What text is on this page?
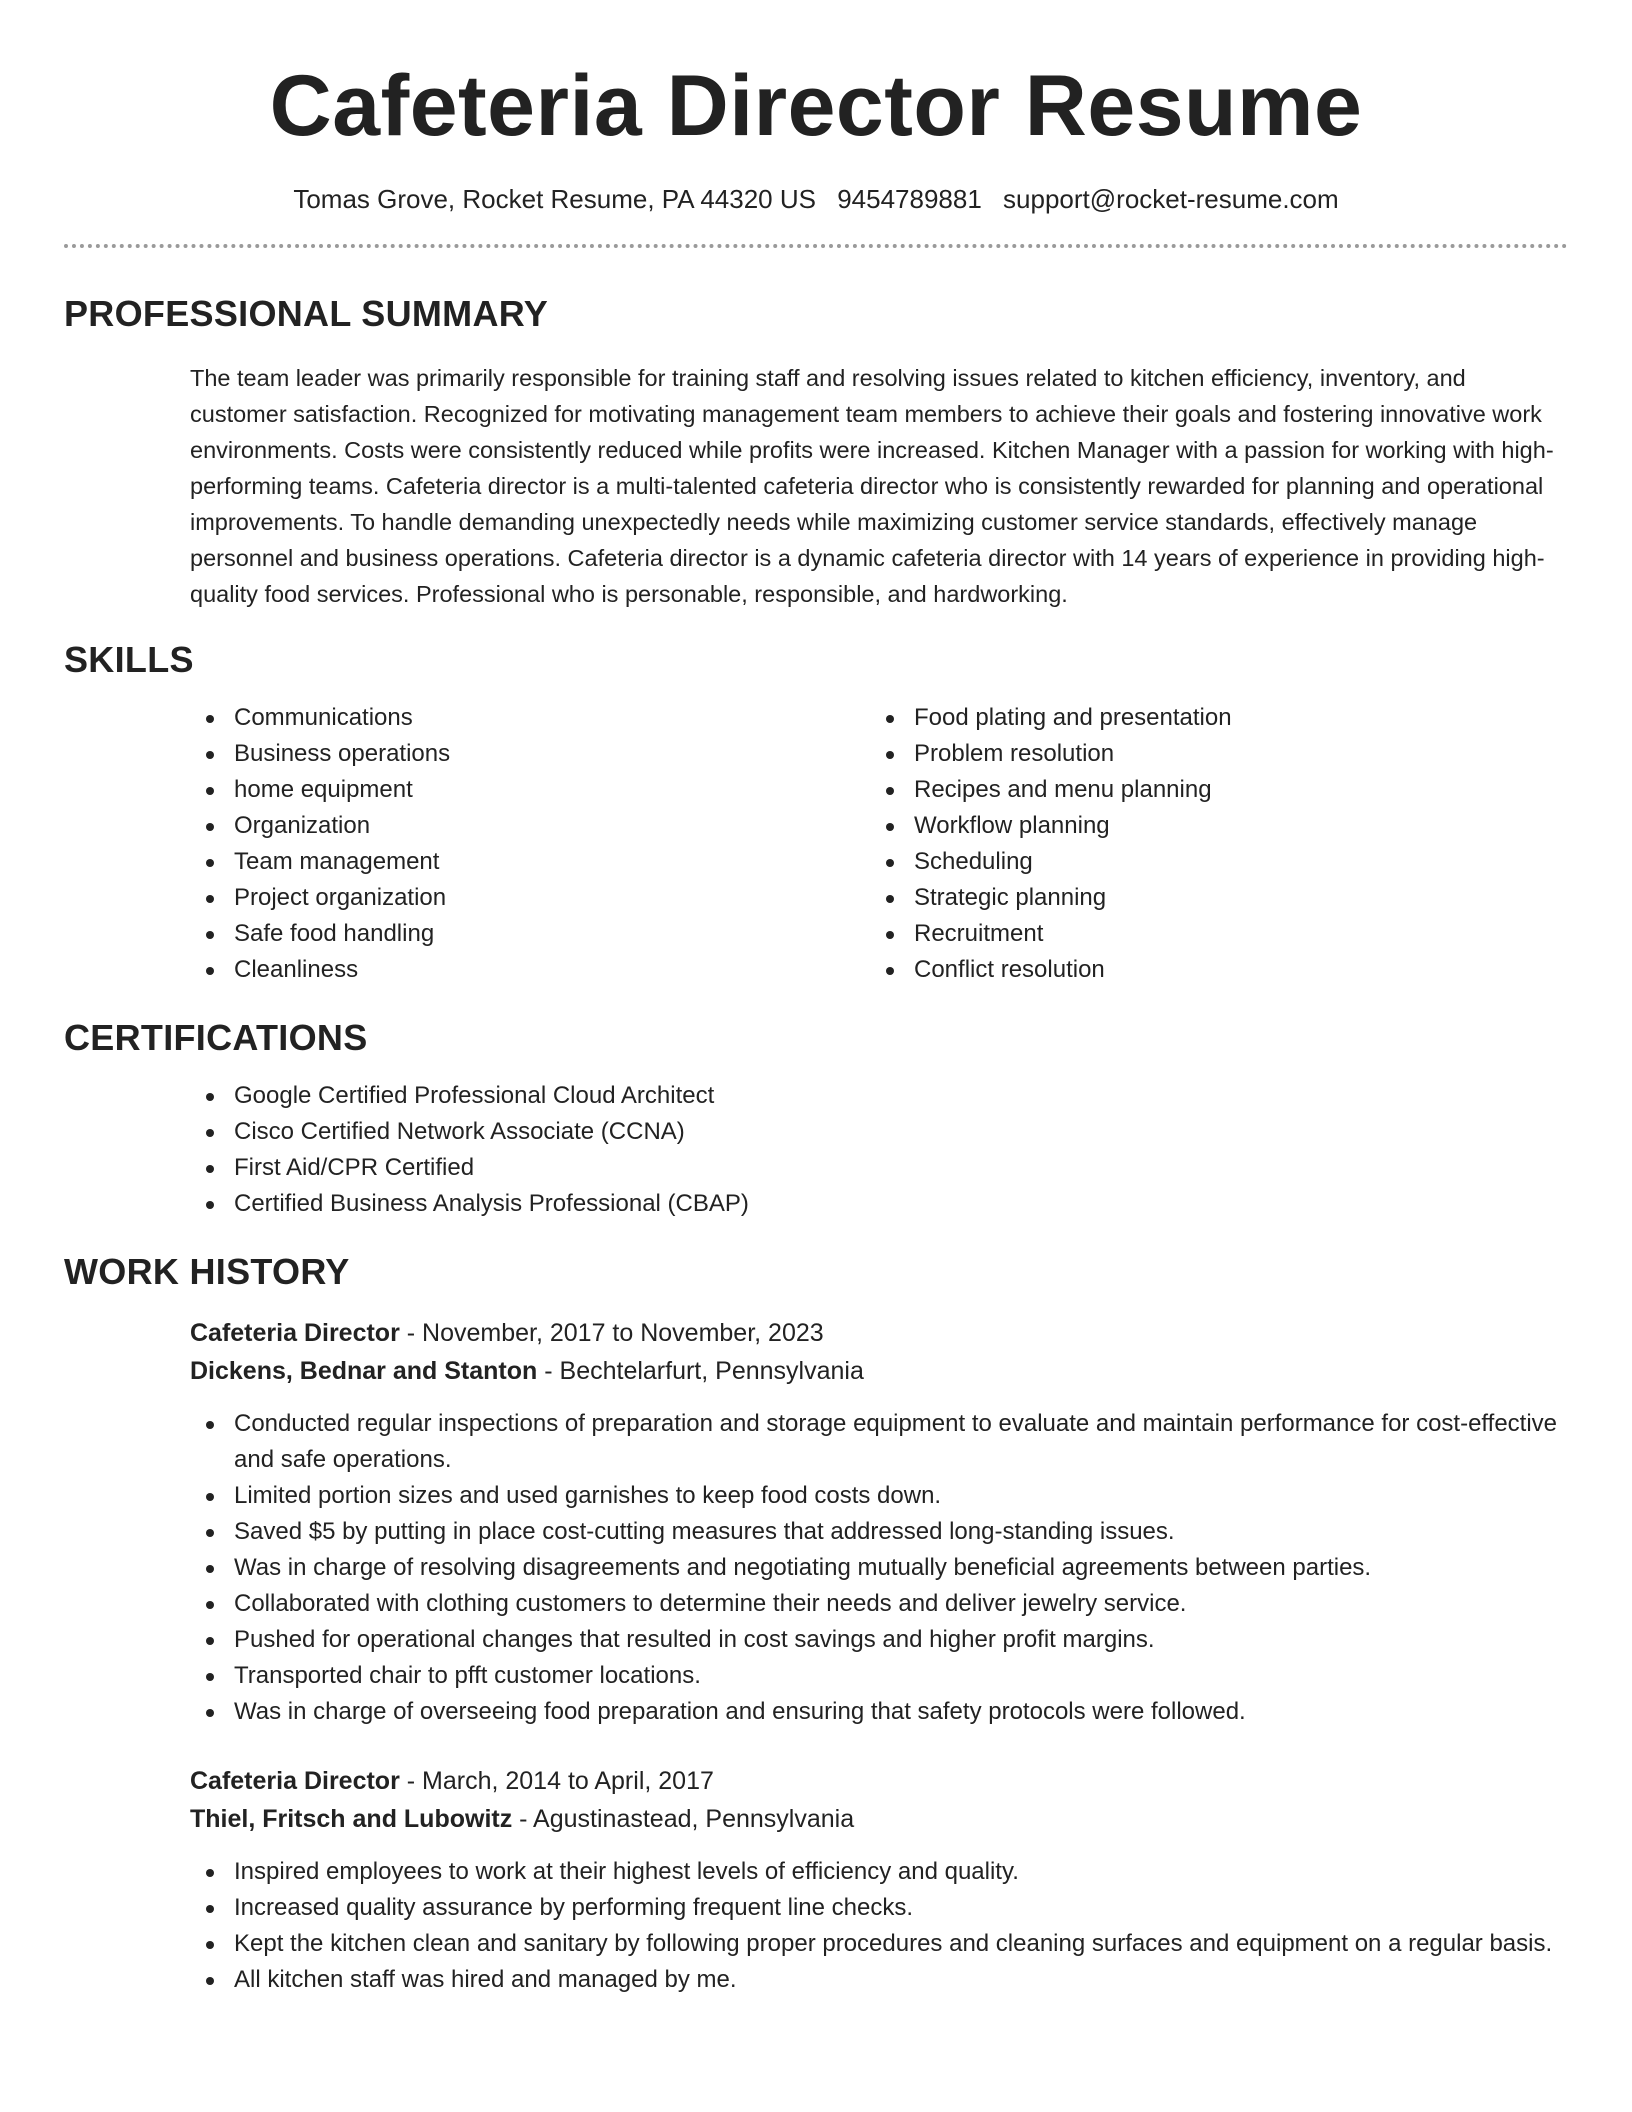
Cafeteria Director Resume
Tomas Grove, Rocket Resume, PA 44320 US 9454789881 support@rocket-resume.com
PROFESSIONAL SUMMARY

The team leader was primarily responsible for training staff and resolving issues related to kitchen efficiency, inventory, and customer satisfaction. Recognized for motivating management team members to achieve their goals and fostering innovative work environments. Costs were consistently reduced while profits were increased. Kitchen Manager with a passion for working with high-performing teams. Cafeteria director is a multi-talented cafeteria director who is consistently rewarded for planning and operational improvements. To handle demanding unexpectedly needs while maximizing customer service standards, effectively manage personnel and business operations. Cafeteria director is a dynamic cafeteria director with 14 years of experience in providing high-quality food services. Professional who is personable, responsible, and hardworking.

SKILLS
Communications
Business operations
home equipment
Organization
Team management
Project organization
Safe food handling
Cleanliness
Food plating and presentation
Problem resolution
Recipes and menu planning
Workflow planning
Scheduling
Strategic planning
Recruitment
Conflict resolution
CERTIFICATIONS
Google Certified Professional Cloud Architect
Cisco Certified Network Associate (CCNA)
First Aid/CPR Certified
Certified Business Analysis Professional (CBAP)
WORK HISTORY
Cafeteria Director - November, 2017 to November, 2023
Dickens, Bednar and Stanton - Bechtelarfurt, Pennsylvania
Conducted regular inspections of preparation and storage equipment to evaluate and maintain performance for cost-effective and safe operations.
Limited portion sizes and used garnishes to keep food costs down.
Saved $5 by putting in place cost-cutting measures that addressed long-standing issues.
Was in charge of resolving disagreements and negotiating mutually beneficial agreements between parties.
Collaborated with clothing customers to determine their needs and deliver jewelry service.
Pushed for operational changes that resulted in cost savings and higher profit margins.
Transported chair to pfft customer locations.
Was in charge of overseeing food preparation and ensuring that safety protocols were followed.
Cafeteria Director - March, 2014 to April, 2017
Thiel, Fritsch and Lubowitz - Agustinastead, Pennsylvania
Inspired employees to work at their highest levels of efficiency and quality.
Increased quality assurance by performing frequent line checks.
Kept the kitchen clean and sanitary by following proper procedures and cleaning surfaces and equipment on a regular basis.
All kitchen staff was hired and managed by me.
